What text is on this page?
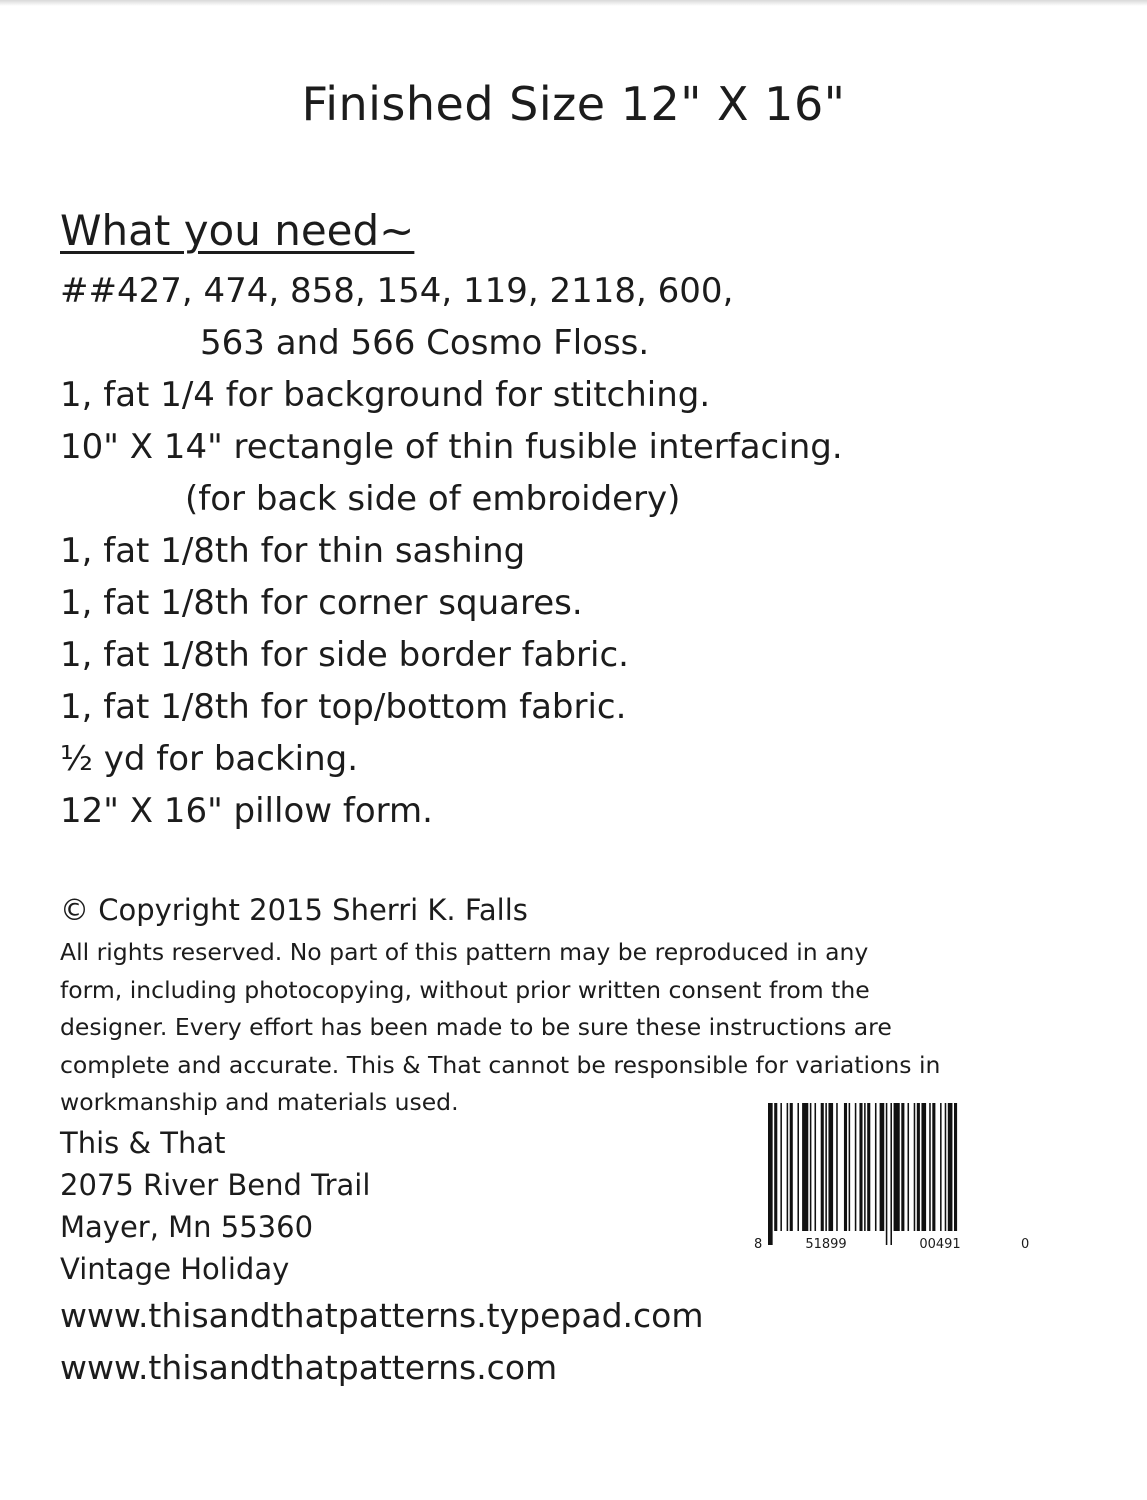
Finished Size 12" X 16"
What you need~
##427, 474, 858, 154, 119, 2118, 600,
563 and 566 Cosmo Floss.
1, fat 1/4 for background for stitching.
10" X 14" rectangle of thin fusible interfacing.
(for back side of embroidery)
1, fat 1/8th for thin sashing
1, fat 1/8th for corner squares.
1, fat 1/8th for side border fabric.
1, fat 1/8th for top/bottom fabric.
½ yd for backing.
12" X 16" pillow form.
© Copyright 2015 Sherri K. Falls
All rights reserved. No part of this pattern may be reproduced in any
form, including photocopying, without prior written consent from the
designer. Every effort has been made to be sure these instructions are
complete and accurate. This & That cannot be responsible for variations in
workmanship and materials used.
This & That
2075 River Bend Trail
Mayer, Mn 55360
Vintage Holiday
www.thisandthatpatterns.typepad.com
www.thisandthatpatterns.com
8	51899	00491	0
